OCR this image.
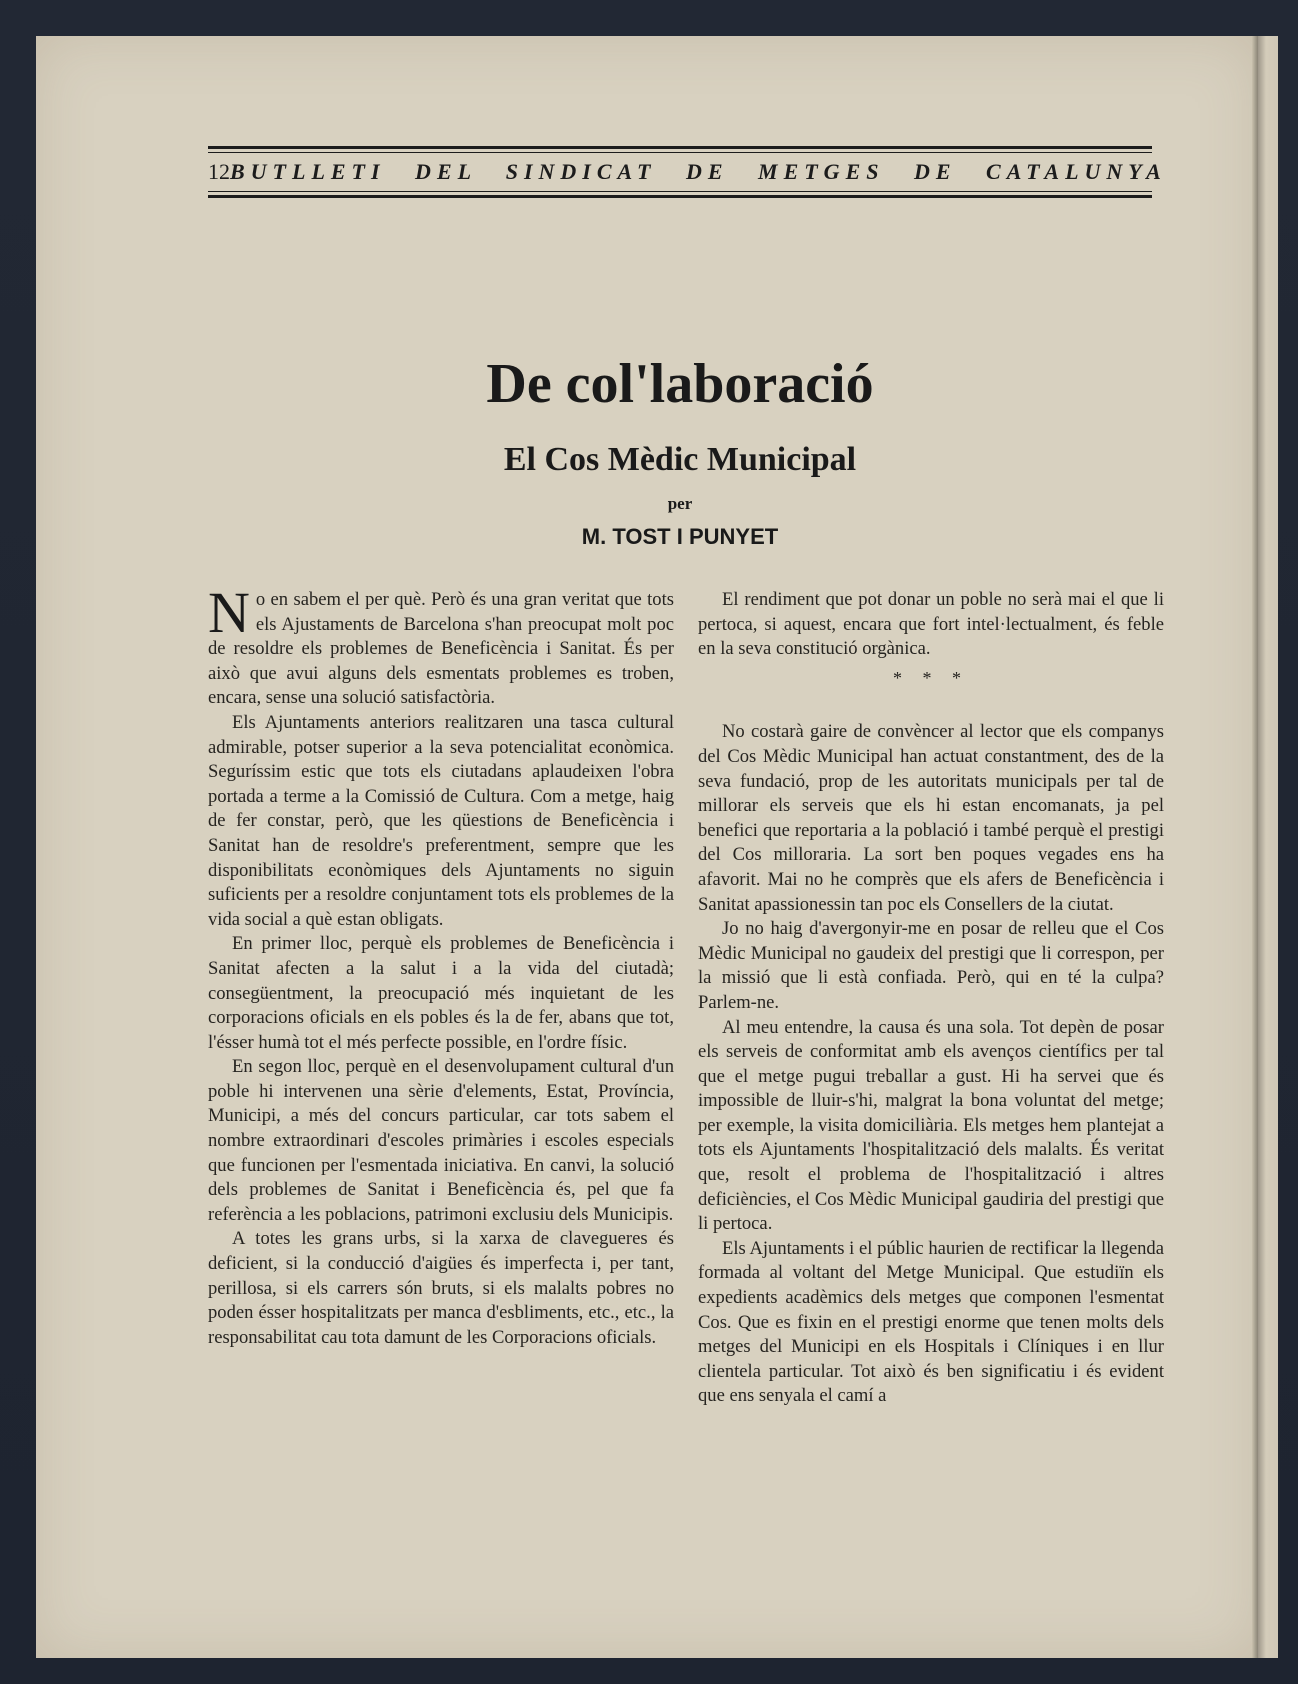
12 BUTLLETI DEL SINDICAT DE METGES DE CATALUNYA
De col'laboració
El Cos Mèdic Municipal
per
M. TOST I PUNYET

No en sabem el per què. Però és una gran veritat que tots els Ajustaments de Barcelona s'han preocupat molt poc de resoldre els problemes de Beneficència i Sanitat. És per això que avui alguns dels esmentats problemes es troben, encara, sense una solució satisfactòria.

Els Ajuntaments anteriors realitzaren una tasca cultural admirable, potser superior a la seva potencialitat econòmica. Seguríssim estic que tots els ciutadans aplaudeixen l'obra portada a terme a la Comissió de Cultura. Com a metge, haig de fer constar, però, que les qüestions de Beneficència i Sanitat han de resoldre's preferentment, sempre que les disponibilitats econòmiques dels Ajuntaments no siguin suficients per a resoldre conjuntament tots els problemes de la vida social a què estan obligats.

En primer lloc, perquè els problemes de Beneficència i Sanitat afecten a la salut i a la vida del ciutadà; consegüentment, la preocupació més inquietant de les corporacions oficials en els pobles és la de fer, abans que tot, l'ésser humà tot el més perfecte possible, en l'ordre físic.

En segon lloc, perquè en el desenvolupament cultural d'un poble hi intervenen una sèrie d'elements, Estat, Província, Municipi, a més del concurs particular, car tots sabem el nombre extraordinari d'escoles primàries i escoles especials que funcionen per l'esmentada iniciativa. En canvi, la solució dels problemes de Sanitat i Beneficència és, pel que fa referència a les poblacions, patrimoni exclusiu dels Municipis.

A totes les grans urbs, si la xarxa de clavegueres és deficient, si la conducció d'aigües és imperfecta i, per tant, perillosa, si els carrers són bruts, si els malalts pobres no poden ésser hospitalitzats per manca d'esbliments, etc., etc., la responsabilitat cau tota damunt de les Corporacions oficials.

El rendiment que pot donar un poble no serà mai el que li pertoca, si aquest, encara que fort intel·lectualment, és feble en la seva constitució orgànica.

* * *

No costarà gaire de convèncer al lector que els companys del Cos Mèdic Municipal han actuat constantment, des de la seva fundació, prop de les autoritats municipals per tal de millorar els serveis que els hi estan encomanats, ja pel benefici que reportaria a la població i també perquè el prestigi del Cos milloraria. La sort ben poques vegades ens ha afavorit. Mai no he comprès que els afers de Beneficència i Sanitat apassionessin tan poc els Consellers de la ciutat.

Jo no haig d'avergonyir-me en posar de relleu que el Cos Mèdic Municipal no gaudeix del prestigi que li correspon, per la missió que li està confiada. Però, qui en té la culpa? Parlem-ne.

Al meu entendre, la causa és una sola. Tot depèn de posar els serveis de conformitat amb els avenços científics per tal que el metge pugui treballar a gust. Hi ha servei que és impossible de lluir-s'hi, malgrat la bona voluntat del metge; per exemple, la visita domiciliària. Els metges hem plantejat a tots els Ajuntaments l'hospitalització dels malalts. És veritat que, resolt el problema de l'hospitalització i altres deficiències, el Cos Mèdic Municipal gaudiria del prestigi que li pertoca.

Els Ajuntaments i el públic haurien de rectificar la llegenda formada al voltant del Metge Municipal. Que estudiïn els expedients acadèmics dels metges que componen l'esmentat Cos. Que es fixin en el prestigi enorme que tenen molts dels metges del Municipi en els Hospitals i Clíniques i en llur clientela particular. Tot això és ben significatiu i és evident que ens senyala el camí a
